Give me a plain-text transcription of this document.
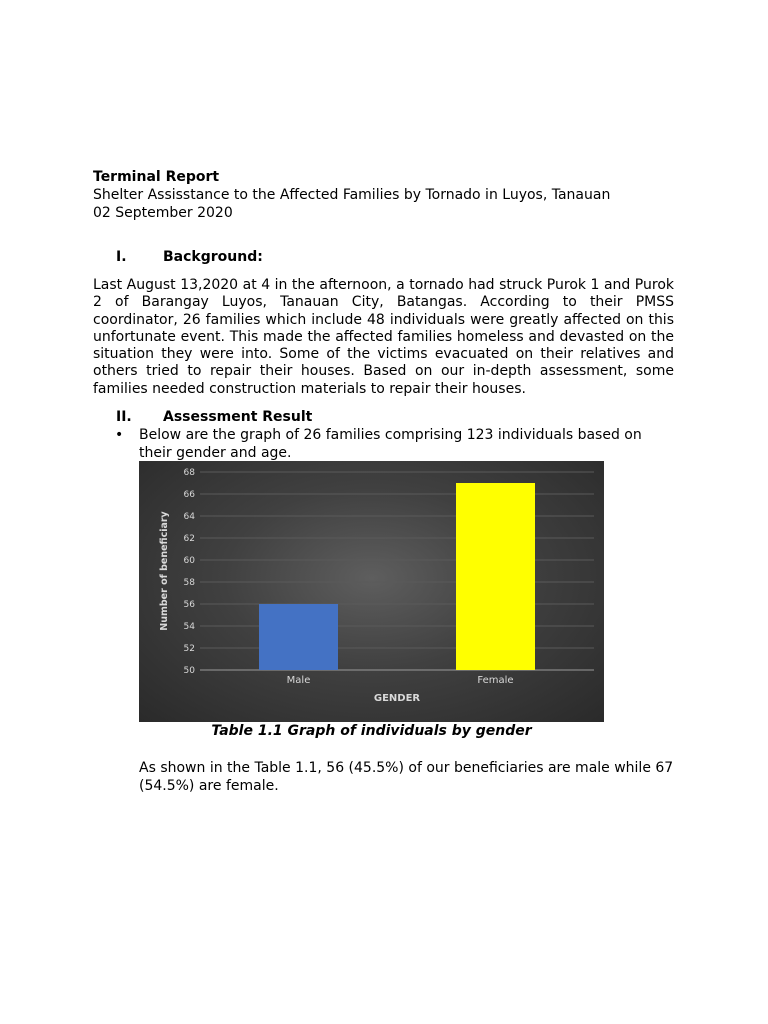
Terminal Report
Shelter Assisstance to the Affected Families by Tornado in Luyos, Tanauan
02 September 2020
I.	Background:
Last August 13,2020 at 4 in the afternoon, a tornado had struck Purok 1 and Purok 2 of Barangay Luyos, Tanauan City, Batangas. According to their PMSS coordinator, 26 families which include 48 individuals were greatly affected on this unfortunate event. This made the affected families homeless and devasted on the situation they were into. Some of the victims evacuated on their relatives and others tried to repair their houses. Based on our in-depth assessment, some families needed construction materials to repair their houses.
II. Assessment Result
• Below are the graph of 26 families comprising 123 individuals based on their gender and age.
50
52
54
56
58
60
62
64
66
68
Male	Female
GENDER
Number of beneficiary
Table 1.1 Graph of individuals by gender
As shown in the Table 1.1, 56 (45.5%) of our beneficiaries are male while 67 (54.5%) are female.
